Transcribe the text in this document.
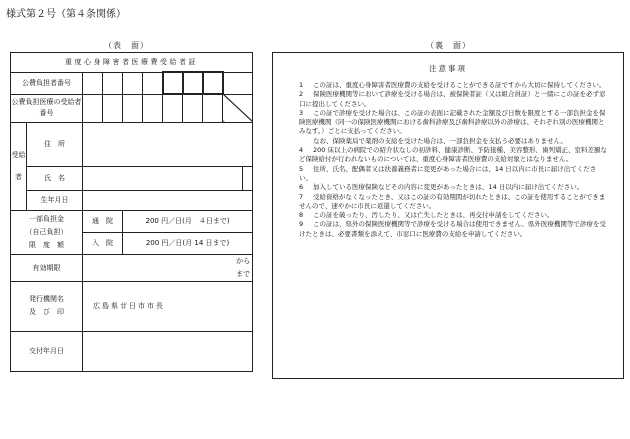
様式第２号（第４条関係）
（表　面）	（裏　面）
重度心身障害者医療費受給者証										
公費負担者番号										
公費負担医療の受給者番号										
受給者	住　所									
	氏　名									
	生年月日									

一部負担金
（自己負担）
限　度　額		通　院		200 円／日(月　４日まで)						
		入　院		200 円／日(月 14 日まで)						
有効期限		から
まで								

発行機関名
及　び　印		広島県廿日市市長								
交付年月日										
注意事項

1 この証は、重度心身障害者医療費の支給を受けることができる証ですから大切に保持してください。

2 保険医療機関等において診療を受ける場合は、被保険者証（又は組合員証）と一緒にこの証を必ず窓口に提出してください。

3 この証で診療を受けた場合は、この証の表面に記載された金額及び日数を限度とする一部負担金を保険医療機関（同一の保険医療機関における歯科診療及び歯科診療以外の診療は、それぞれ別の医療機関とみなす。）ごとに支払ってください。

なお、保険薬局で薬剤の支給を受けた場合は、一部負担金を支払う必要はありません。

4 200 床以上の病院での紹介状なしの初診料、健康診断、予防接種、美容整形、歯列矯正、室料差額など保険給付が行われないものについては、重度心身障害者医療費の支給対象とはなりません。

5 住所、氏名、配偶者又は扶養義務者に変更があった場合には、14 日以内に市長に届け出てください。

6 加入している医療保険などその内容に変更があったときは、14 日以内に届け出てください。

7 受給資格がなくなったとき、又はこの証の有効期間が切れたときは、この証を使用することができませんので、速やかに市長に返還してください。

8 この証を破ったり、汚したり、又は亡失したときは、再交付申請をしてください。

9 この証は、県外の保険医療機関等で診療を受ける場合は使用できません。県外医療機関等で診療を受けたときは、必要書類を添えて、市窓口に医療費の支給を申請してください。
